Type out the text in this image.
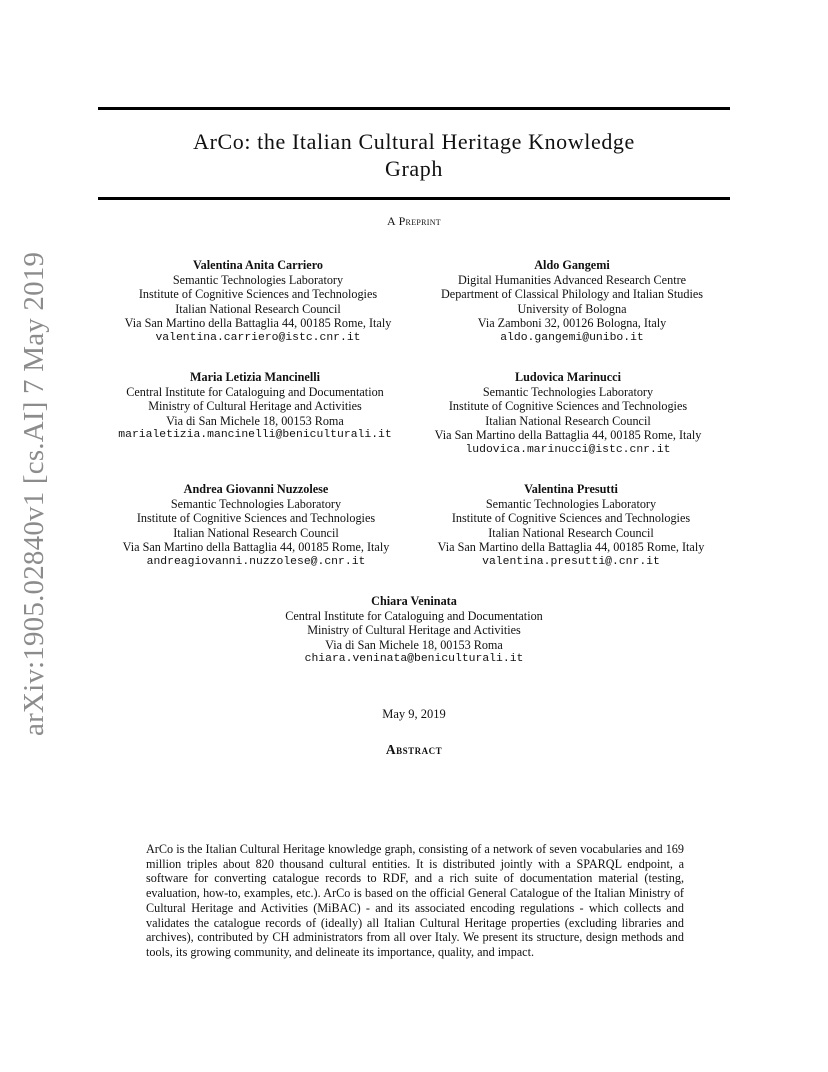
arXiv:1905.02840v1 [cs.AI] 7 May 2019
ArCo: the Italian Cultural Heritage Knowledge
Graph
A Preprint
Valentina Anita Carriero
Semantic Technologies Laboratory
Institute of Cognitive Sciences and Technologies
Italian National Research Council
Via San Martino della Battaglia 44, 00185 Rome, Italy
valentina.carriero@istc.cnr.it
Aldo Gangemi
Digital Humanities Advanced Research Centre
Department of Classical Philology and Italian Studies
University of Bologna
Via Zamboni 32, 00126 Bologna, Italy
aldo.gangemi@unibo.it
Maria Letizia Mancinelli
Central Institute for Cataloguing and Documentation
Ministry of Cultural Heritage and Activities
Via di San Michele 18, 00153 Roma
marialetizia.mancinelli@beniculturali.it
Ludovica Marinucci
Semantic Technologies Laboratory
Institute of Cognitive Sciences and Technologies
Italian National Research Council
Via San Martino della Battaglia 44, 00185 Rome, Italy
ludovica.marinucci@istc.cnr.it
Andrea Giovanni Nuzzolese
Semantic Technologies Laboratory
Institute of Cognitive Sciences and Technologies
Italian National Research Council
Via San Martino della Battaglia 44, 00185 Rome, Italy
andreagiovanni.nuzzolese@.cnr.it
Valentina Presutti
Semantic Technologies Laboratory
Institute of Cognitive Sciences and Technologies
Italian National Research Council
Via San Martino della Battaglia 44, 00185 Rome, Italy
valentina.presutti@.cnr.it
Chiara Veninata
Central Institute for Cataloguing and Documentation
Ministry of Cultural Heritage and Activities
Via di San Michele 18, 00153 Roma
chiara.veninata@beniculturali.it
May 9, 2019
Abstract
ArCo is the Italian Cultural Heritage knowledge graph, consisting of a network of seven vocabularies and 169 million triples about 820 thousand cultural entities. It is distributed jointly with a SPARQL endpoint, a software for converting catalogue records to RDF, and a rich suite of documentation material (testing, evaluation, how-to, examples, etc.). ArCo is based on the official General Catalogue of the Italian Ministry of Cultural Heritage and Activities (MiBAC) - and its associated encoding regulations - which collects and validates the catalogue records of (ideally) all Italian Cultural Heritage properties (excluding libraries and archives), contributed by CH administrators from all over Italy. We present its structure, design methods and tools, its growing community, and delineate its importance, quality, and impact.
